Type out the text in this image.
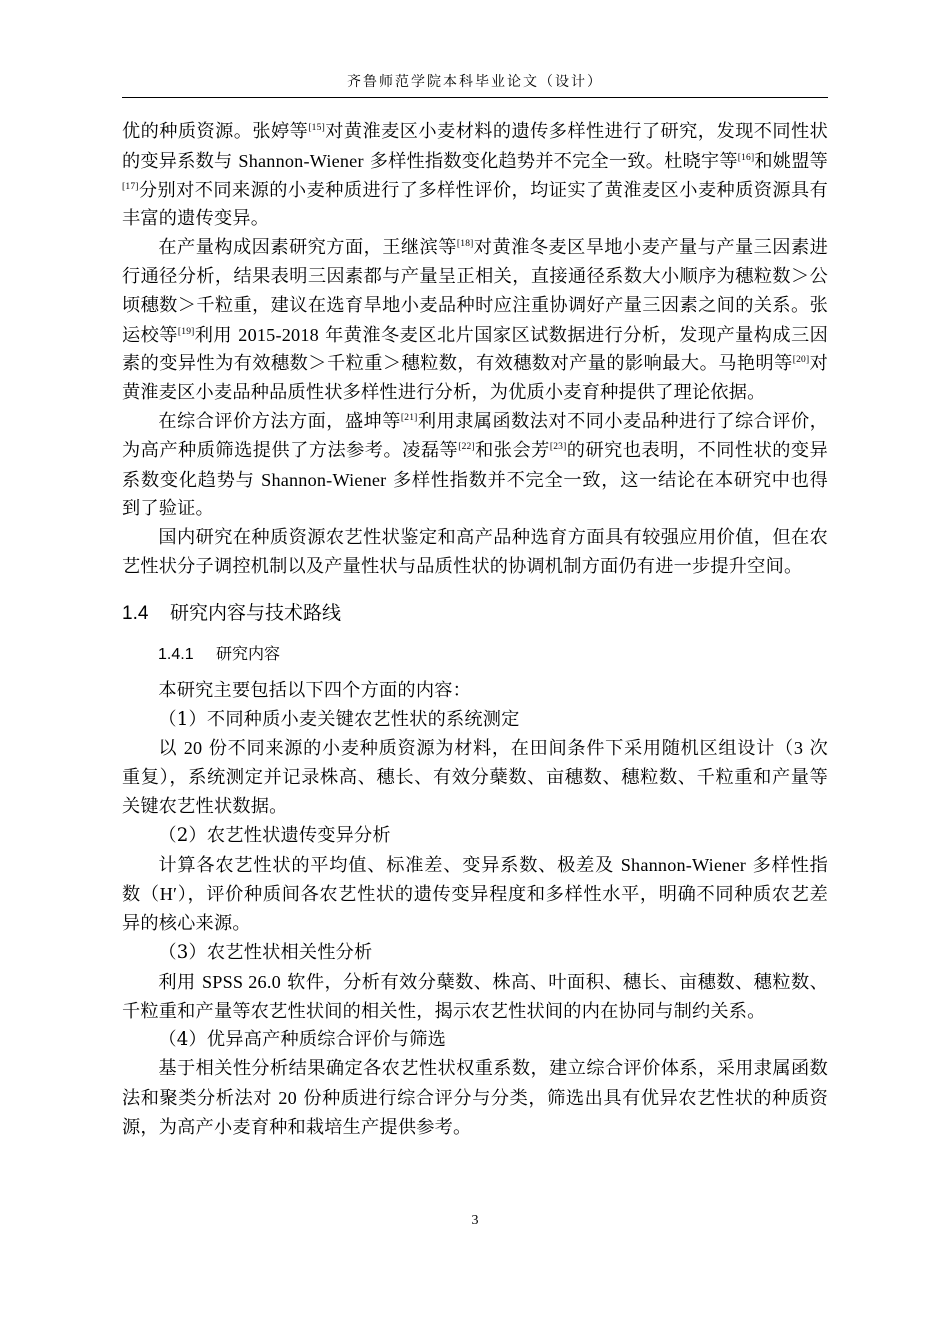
齐鲁师范学院本科毕业论文（设计）

优的种质资源。张婷等[15]对黄淮麦区小麦材料的遗传多样性进行了研究，发现不同性状的变异系数与 Shannon-Wiener 多样性指数变化趋势并不完全一致。杜晓宇等[16]和姚盟等[17]分别对不同来源的小麦种质进行了多样性评价，均证实了黄淮麦区小麦种质资源具有丰富的遗传变异。

在产量构成因素研究方面，王继滨等[18]对黄淮冬麦区旱地小麦产量与产量三因素进行通径分析，结果表明三因素都与产量呈正相关，直接通径系数大小顺序为穗粒数＞公顷穗数＞千粒重，建议在选育旱地小麦品种时应注重协调好产量三因素之间的关系。张运校等[19]利用 2015-2018 年黄淮冬麦区北片国家区试数据进行分析，发现产量构成三因素的变异性为有效穗数＞千粒重＞穗粒数，有效穗数对产量的影响最大。马艳明等[20]对黄淮麦区小麦品种品质性状多样性进行分析，为优质小麦育种提供了理论依据。

在综合评价方法方面，盛坤等[21]利用隶属函数法对不同小麦品种进行了综合评价，为高产种质筛选提供了方法参考。凌磊等[22]和张会芳[23]的研究也表明，不同性状的变异系数变化趋势与 Shannon-Wiener 多样性指数并不完全一致，这一结论在本研究中也得到了验证。

国内研究在种质资源农艺性状鉴定和高产品种选育方面具有较强应用价值，但在农艺性状分子调控机制以及产量性状与品质性状的协调机制方面仍有进一步提升空间。

1.4 研究内容与技术路线
1.4.1 研究内容

本研究主要包括以下四个方面的内容：

（1）不同种质小麦关键农艺性状的系统测定

以 20 份不同来源的小麦种质资源为材料，在田间条件下采用随机区组设计（3 次重复），系统测定并记录株高、穗长、有效分蘖数、亩穗数、穗粒数、千粒重和产量等关键农艺性状数据。

（2）农艺性状遗传变异分析

计算各农艺性状的平均值、标准差、变异系数、极差及 Shannon-Wiener 多样性指数（H′），评价种质间各农艺性状的遗传变异程度和多样性水平，明确不同种质农艺差异的核心来源。

（3）农艺性状相关性分析

利用 SPSS 26.0 软件，分析有效分蘖数、株高、叶面积、穗长、亩穗数、穗粒数、千粒重和产量等农艺性状间的相关性，揭示农艺性状间的内在协同与制约关系。

（4）优异高产种质综合评价与筛选

基于相关性分析结果确定各农艺性状权重系数，建立综合评价体系，采用隶属函数法和聚类分析法对 20 份种质进行综合评分与分类，筛选出具有优异农艺性状的种质资源，为高产小麦育种和栽培生产提供参考。

3
